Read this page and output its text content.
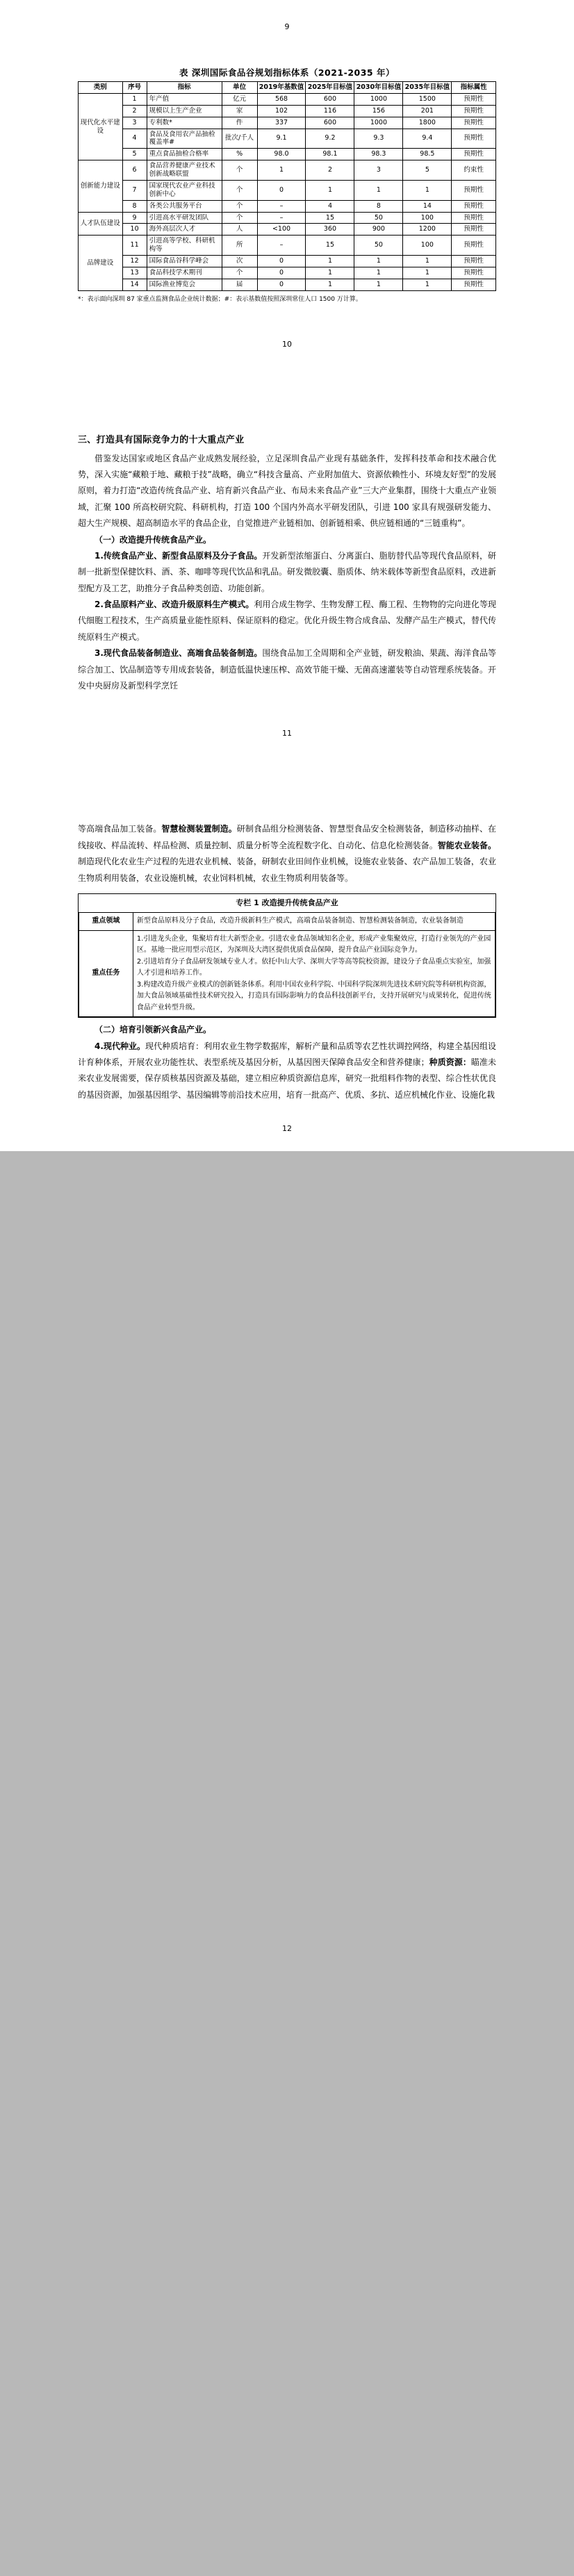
9
表 深圳国际食品谷规划指标体系（2021-2035 年）
类别	序号	指标	单位	2019年基数值	2025年目标值	2030年目标值	2035年目标值	指标属性
现代化水平建设	1	年产值	亿元	568	600	1000	1500	预期性
	2	规模以上生产企业	家	102	116	156	201	预期性
	3	专利数*	件	337	600	1000	1800	预期性
	4	食品及食用农产品抽检覆盖率#	批次/千人	9.1	9.2	9.3	9.4	预期性
	5	重点食品抽检合格率	%	98.0	98.1	98.3	98.5	预期性
创新能力建设	6	食品营养健康产业技术创新战略联盟	个	1	2	3	5	约束性
	7	国家现代农业产业科技创新中心	个	0	1	1	1	预期性
	8	各类公共服务平台	个	–	4	8	14	预期性
人才队伍建设	9	引进高水平研发团队	个	–	15	50	100	预期性
	10	海外高层次人才	人	<100	360	900	1200	预期性
品牌建设	11	引进高等学校、科研机构等	所	–	15	50	100	预期性
	12	国际食品谷科学峰会	次	0	1	1	1	预期性
	13	食品科技学术期刊	个	0	1	1	1	预期性
	14	国际渔业博览会	届	0	1	1	1	预期性
*：表示面向深圳 87 家重点监测食品企业统计数据；#：表示基数值按照深圳常住人口 1500 万计算。
10
三、打造具有国际竞争力的十大重点产业

借鉴发达国家或地区食品产业成熟发展经验，立足深圳食品产业现有基础条件，发挥科技革命和技术融合优势，深入实施“藏粮于地、藏粮于技”战略，确立“科技含量高、产业附加值大、资源依赖性小、环境友好型”的发展原则，着力打造“改造传统食品产业、培育新兴食品产业、布局未来食品产业”三大产业集群，围绕十大重点产业领域，汇聚 100 所高校研究院、科研机构，打造 100 个国内外高水平研发团队，引进 100 家具有规强研发能力、超大生产规模、超高制造水平的食品企业，自觉推进产业链相加、创新链相乘、供应链相通的“三链重构”。

（一）改造提升传统食品产业。

1.传统食品产业、新型食品原料及分子食品。开发新型浓缩蛋白、分离蛋白、脂肪替代品等现代食品原料，研制一批新型保健饮料、酒、茶、咖啡等现代饮品和乳品。研发微胶囊、脂质体、纳米载体等新型食品原料，改进新型配方及工艺，助推分子食品种类创造、功能创新。

2.食品原料产业、改造升级原料生产模式。利用合成生物学、生物发酵工程、酶工程、生物物的完向进化等现代细胞工程技术，生产高质量业能性原料、保证原料的稳定。优化升级生物合成食品、发酵产品生产模式，替代传统原料生产模式。

3.现代食品装备制造业、高端食品装备制造。围绕食品加工全周期和全产业链，研发粮油、果蔬、海洋食品等综合加工、饮品制造等专用成套装备，制造低温快速压榨、高效节能干燥、无菌高速灌装等自动管理系统装备。开发中央厨房及新型科学烹饪

11

等高端食品加工装备。智慧检测装置制造。研制食品组分检测装备、智慧型食品安全检测装备，制造移动抽样、在线接收、样品流转、样品检测、质量控制、质量分析等全流程数字化、自动化、信息化检测装备。智能农业装备。制造现代化农业生产过程的先进农业机械、装备，研制农业田间作业机械，设施农业装备、农产品加工装备，农业生物质利用装备，农业设施机械，农业饲料机械，农业生物质利用装备等。

专栏 1 改造提升传统食品产业	
重点领域	新型食品原料及分子食品，改造升级新料生产模式，高端食品装备制造、智慧检测装备制造，农业装备制造
重点任务	1.引进龙头企业，集聚培育壮大新型企业。引进农业食品领域知名企业，形成产业集聚效应，打造行业领先的产业园区。基地一批应用型示范区，为深圳及大湾区提供优质食品保障，提升食品产业国际竞争力。
2.引进培育分子食品研发领域专业人才。依托中山大学、深圳大学等高等院校资源，建设分子食品重点实验室，加强人才引进和培养工作。
3.构建改造升级产业模式的创新链条体系。利用中国农业科学院、中国科学院深圳先进技术研究院等科研机构资源，加大食品领域基础性技术研究投入，打造具有国际影响力的食品科技创新平台，支持开展研究与成果转化，促进传统食品产业转型升级。

（二）培育引领新兴食品产业。

4.现代种业。现代种质培育：利用农业生物学数据库，解析产量和品质等农艺性状调控网络，构建全基因组设计育种体系，开展农业功能性状、表型系统及基因分析，从基因图天保障食品安全和营养健康；种质资源：瞄准未来农业发展需要，保存质核基因资源及基础，建立相应种质资源信息库，研究一批组料作物的表型、综合性状优良的基因资源，加强基因组学、基因编辑等前沿技术应用，培育一批高产、优质、多抗、适应机械化作业、设施化栽

12
